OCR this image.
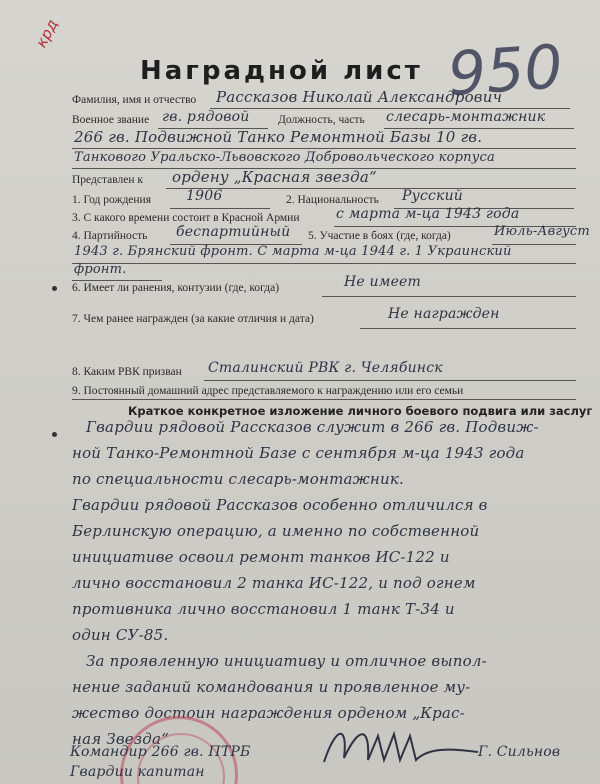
крд	950
Наградной лист
Фамилия, имя и отчество Рассказов Николай Александрович
Военное звание гв. рядовой Должность, часть слесарь-монтажник
266 гв. Подвижной Танко Ремонтной Базы 10 гв.
Танкового Уральско-Львовского Добровольческого корпуса
Представлен к ордену „Красная звезда“
1. Год рождения	1906	2. Национальность Русский
3. С какого времени состоит в Красной Армии	с марта м-ца 1943 года
4. Партийность беспартийный 5. Участие в боях (где, когда)	Июль-Август
1943 г. Брянский фронт. С марта м-ца 1944 г. 1 Украинский
фронт.
6. Имеет ли ранения, контузии (где, когда)	Не имеет
7. Чем ранее награжден (за какие отличия и дата)	Не награжден
8. Каким РВК призван Сталинский РВК г. Челябинск
9. Постоянный домашний адрес представляемого к награждению или его семьи
Краткое конкретное изложение личного боевого подвига или заслуг
Гвардии рядовой Рассказов служит в 266 гв. Подвиж-
ной Танко-Ремонтной Базе с сентября м-ца 1943 года
по специальности слесарь-монтажник.
Гвардии рядовой Рассказов особенно отличился в
Берлинскую операцию, а именно по собственной
инициативе освоил ремонт танков ИС-122 и
лично восстановил 2 танка ИС-122, и под огнем
противника лично восстановил 1 танк Т-34 и
один СУ-85.
За проявленную инициативу и отличное выпол-
нение заданий командования и проявленное му-
жество достоин награждения орденом „Крас-
ная Звезда“
Командир 266 гв. ПТРБ
Гвардии капитан
Г. Сильнов
